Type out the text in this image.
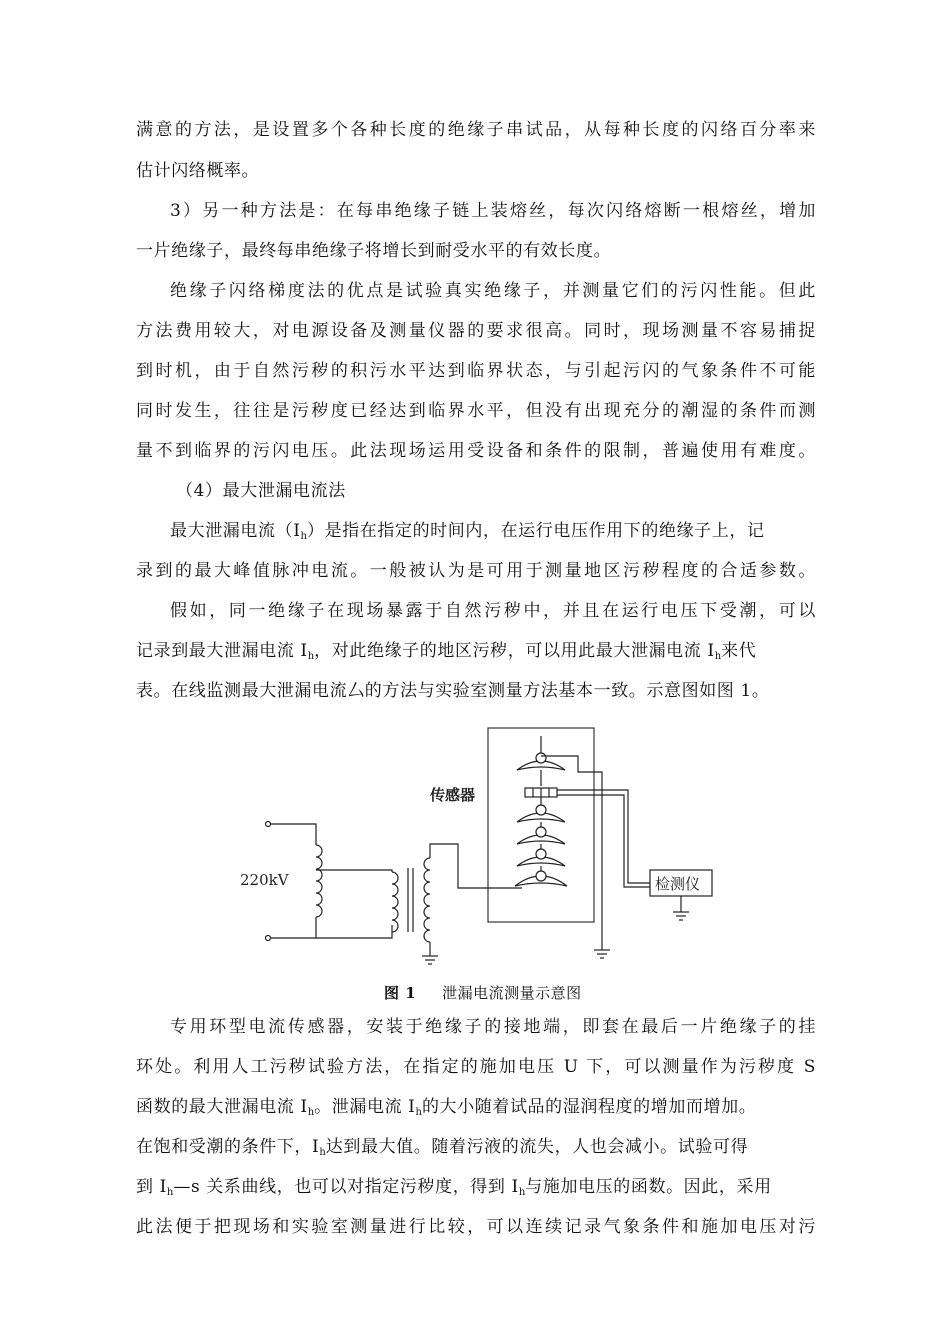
满意的方法，是设置多个各种长度的绝缘子串试品，从每种长度的闪络百分率来
估计闪络概率。
3）另一种方法是：在每串绝缘子链上装熔丝，每次闪络熔断一根熔丝，增加
一片绝缘子，最终每串绝缘子将增长到耐受水平的有效长度。
绝缘子闪络梯度法的优点是试验真实绝缘子，并测量它们的污闪性能。但此
方法费用较大，对电源设备及测量仪器的要求很高。同时，现场测量不容易捕捉
到时机，由于自然污秽的积污水平达到临界状态，与引起污闪的气象条件不可能
同时发生，往往是污秽度已经达到临界水平，但没有出现充分的潮湿的条件而测
量不到临界的污闪电压。此法现场运用受设备和条件的限制，普遍使用有难度。
（4）最大泄漏电流法
最大泄漏电流$(I_h)$是指在指定的时间内，在运行电压作用下的绝缘子上，记
录到的最大峰值脉冲电流。一般被认为是可用于测量地区污秽程度的合适参数。
假如，同一绝缘子在现场暴露于自然污秽中，并且在运行电压下受潮，可以
记录到最大泄漏电流 $I_h$，对此绝缘子的地区污秽，可以用此最大泄漏电流 $I_h$来代
表。在线监测最大泄漏电流厶的方法与实验室测量方法基本一致。示意图如图 1。
220kV
传感器
检测仪
图 1 泄漏电流测量示意图
专用环型电流传感器，安装于绝缘子的接地端，即套在最后一片绝缘子的挂
环处。利用人工污秽试验方法，在指定的施加电压 U 下，可以测量作为污秽度 S
函数的最大泄漏电流 $I_h$。泄漏电流 $I_h$的大小随着试品的湿润程度的增加而增加。
在饱和受潮的条件下，$I_h$达到最大值。随着污液的流失，人也会减小。试验可得
到 $I_h—s$ 关系曲线，也可以对指定污秽度，得到 $I_h$与施加电压的函数。因此，采用
此法便于把现场和实验室测量进行比较，可以连续记录气象条件和施加电压对污
